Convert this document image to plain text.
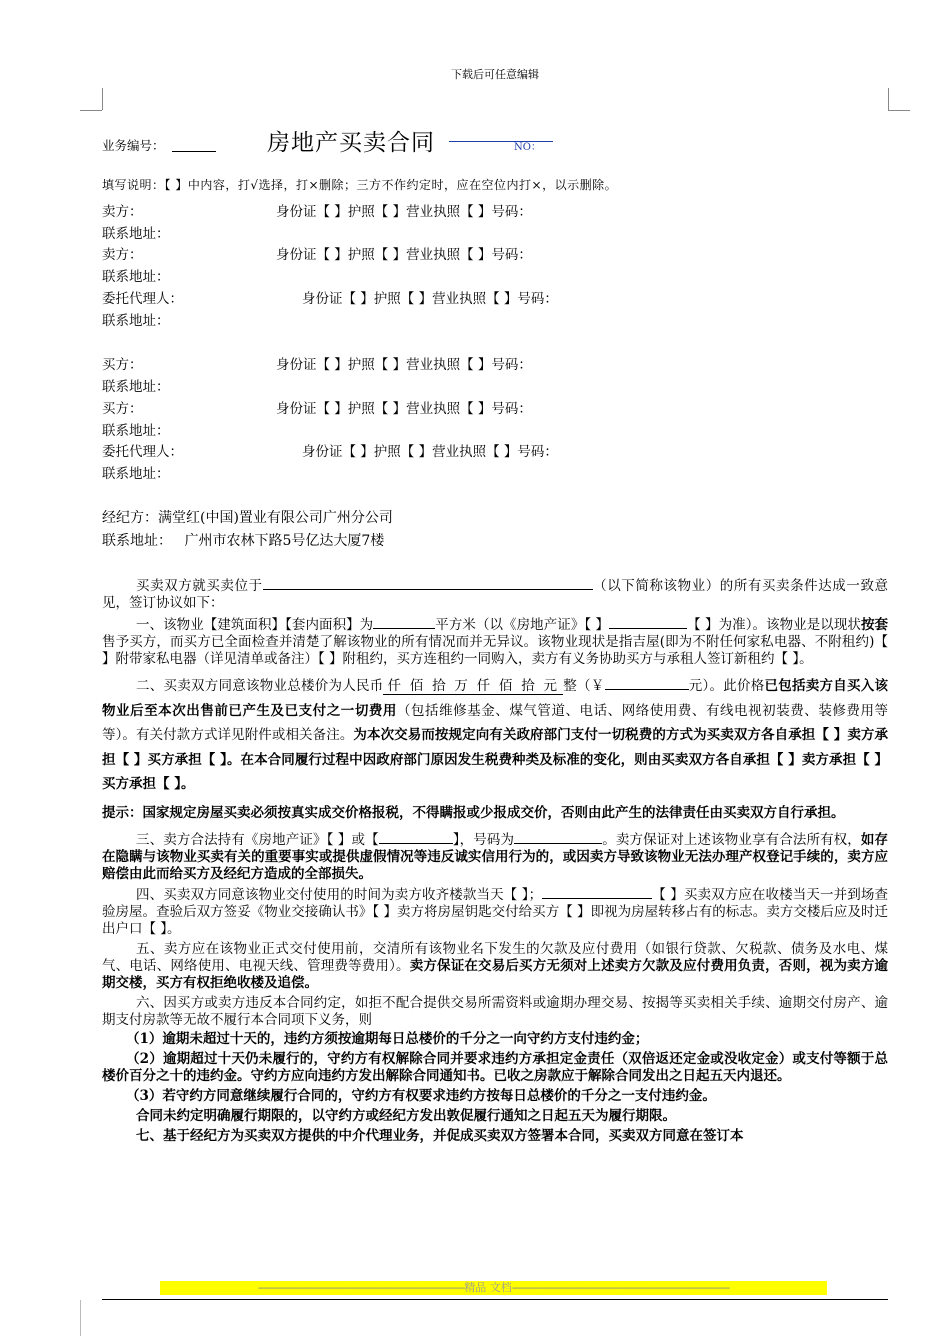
下载后可任意编辑
业务编号：	房地产买卖合同	NO：
填写说明：【 】中内容，打√选择，打×删除；三方不作约定时，应在空位内打×，以示删除。
卖方：	身份证【 】护照【 】营业执照【 】号码：
联系地址：
卖方：	身份证【 】护照【 】营业执照【 】号码：
联系地址：
委托代理人：	身份证【 】护照【 】营业执照【 】号码：
联系地址：
买方：	身份证【 】护照【 】营业执照【 】号码：
联系地址：
买方：	身份证【 】护照【 】营业执照【 】号码：
联系地址：
委托代理人：	身份证【 】护照【 】营业执照【 】号码：
联系地址：
经纪方：满堂红(中国)置业有限公司广州分公司
联系地址： 广州市农林下路5号亿达大厦7楼

买卖双方就买卖位于	（以下简称该物业）的所有买卖条件达成一致意见，签订协议如下：

一、该物业【建筑面积】【套内面积】为	平方米（以《房地产证》【 】	【 】为准）。该物业是以现状按套售予买方，而买方已全面检查并清楚了解该物业的所有情况而并无异议。该物业现状是指吉屋(即为不附任何家私电器、不附租约)【 】附带家私电器（详见清单或备注）【 】附租约，买方连租约一同购入，卖方有义务协助买方与承租人签订新租约【 】。

二、买卖双方同意该物业总楼价为人民币 仟 佰 拾 万 仟 佰 拾 元 整（￥	元）。此价格已包括卖方自买入该物业后至本次出售前已产生及已支付之一切费用（包括维修基金、煤气管道、电话、网络使用费、有线电视初装费、装修费用等等）。有关付款方式详见附件或相关备注。为本次交易而按规定向有关政府部门支付一切税费的方式为买卖双方各自承担【 】卖方承担【 】买方承担【 】。在本合同履行过程中因政府部门原因发生税费种类及标准的变化，则由买卖双方各自承担【 】卖方承担【 】买方承担【 】。

提示：国家规定房屋买卖必须按真实成交价格报税，不得瞒报或少报成交价，否则由此产生的法律责任由买卖双方自行承担。

三、卖方合法持有《房地产证》【 】或【	】，号码为	。卖方保证对上述该物业享有合法所有权，如存在隐瞒与该物业买卖有关的重要事实或提供虚假情况等违反诚实信用行为的，或因卖方导致该物业无法办理产权登记手续的，卖方应赔偿由此而给买方及经纪方造成的全部损失。

四、买卖双方同意该物业交付使用的时间为卖方收齐楼款当天【 】；	【 】买卖双方应在收楼当天一并到场查验房屋。查验后双方签妥《物业交接确认书》【 】卖方将房屋钥匙交付给买方【 】即视为房屋转移占有的标志。卖方交楼后应及时迁出户口【 】。

五、卖方应在该物业正式交付使用前，交清所有该物业名下发生的欠款及应付费用（如银行贷款、欠税款、债务及水电、煤气、电话、网络使用、电视天线、管理费等费用）。卖方保证在交易后买方无须对上述卖方欠款及应付费用负责，否则，视为卖方逾期交楼，买方有权拒绝收楼及追偿。

六、因买方或卖方违反本合同约定，如拒不配合提供交易所需资料或逾期办理交易、按揭等买卖相关手续、逾期交付房产、逾期支付房款等无故不履行本合同项下义务，则

（1）逾期未超过十天的，违约方须按逾期每日总楼价的千分之一向守约方支付违约金；

（2）逾期超过十天仍未履行的，守约方有权解除合同并要求违约方承担定金责任（双倍返还定金或没收定金）或支付等额于总楼价百分之十的违约金。守约方应向违约方发出解除合同通知书。已收之房款应于解除合同发出之日起五天内退还。

（3）若守约方同意继续履行合同的，守约方有权要求违约方按每日总楼价的千分之一支付违约金。

合同未约定明确履行期限的，以守约方或经纪方发出敦促履行通知之日起五天为履行期限。

七、基于经纪方为买卖双方提供的中介代理业务，并促成买卖双方签署本合同，买卖双方同意在签订本

----------------------------------------------------------------------------精品 文档--------------------------------------------------------------------------------
